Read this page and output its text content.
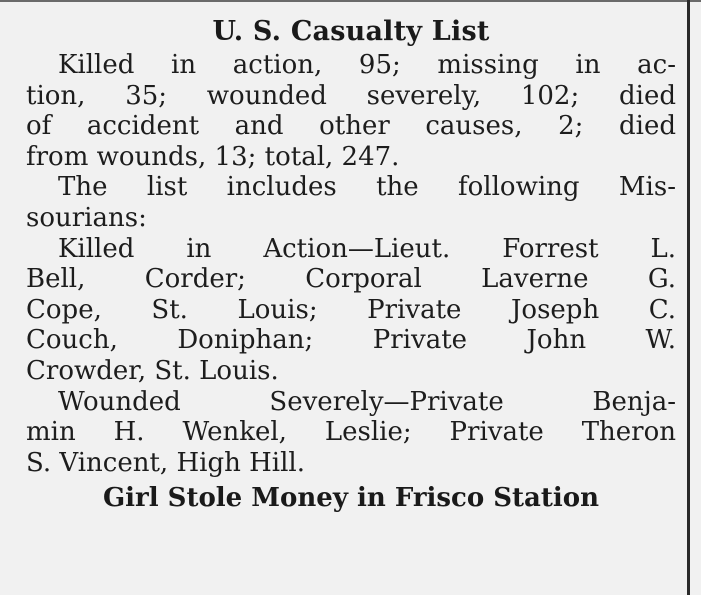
U. S. Casualty List

Killed in action, 95; missing in ac-
tion, 35; wounded severely, 102; died
of accident and other causes, 2; died
from wounds, 13; total, 247.

The list includes the following Mis-
sourians:

Killed in Action—Lieut. Forrest L.
Bell, Corder; Corporal Laverne G.
Cope, St. Louis; Private Joseph C.
Couch, Doniphan; Private John W.
Crowder, St. Louis.

Wounded Severely—Private Benja-
min H. Wenkel, Leslie; Private Theron
S. Vincent, High Hill.

Girl Stole Money in Frisco Station
